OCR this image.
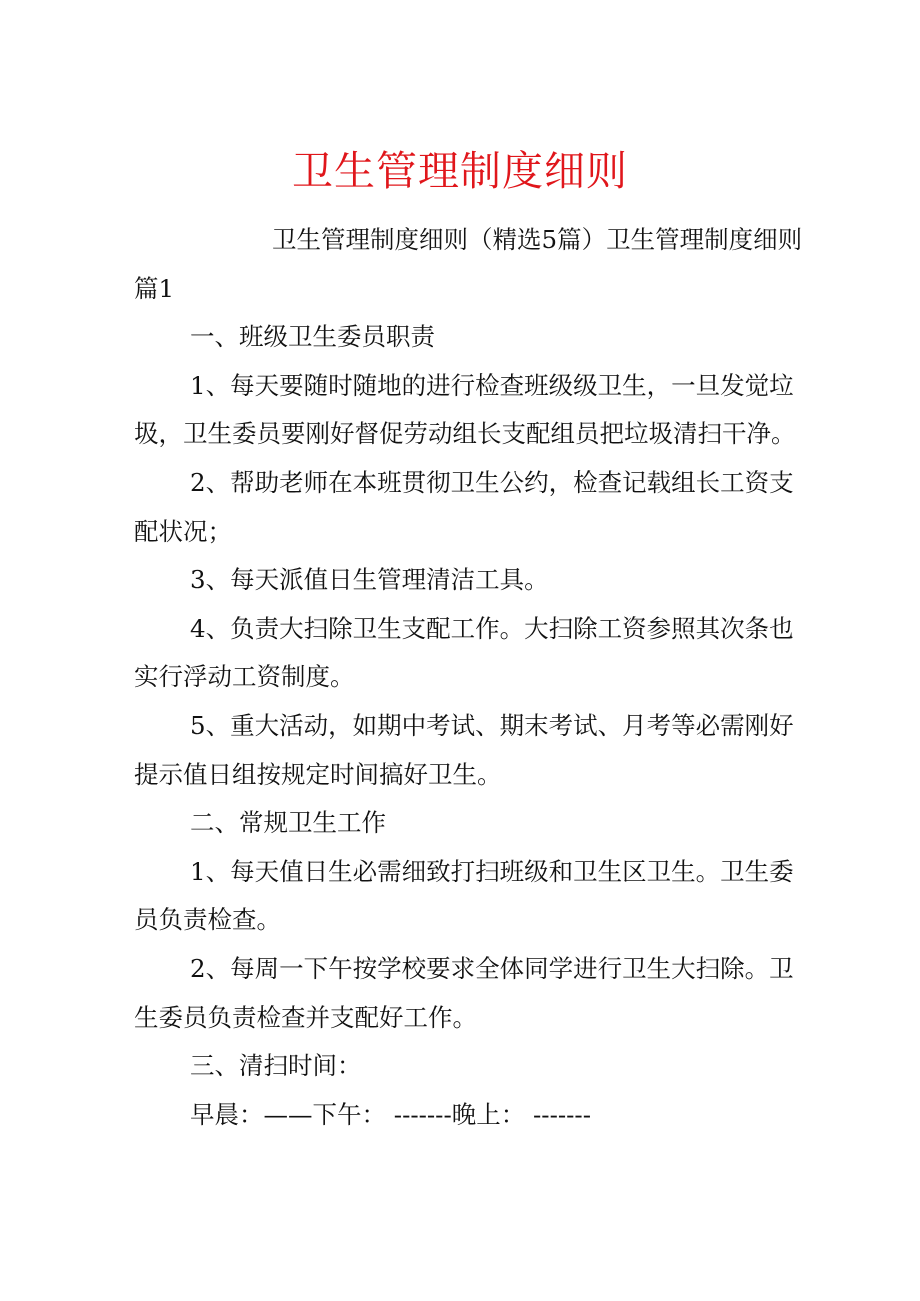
卫生管理制度细则

卫生管理制度细则（精选5篇）卫生管理制度细则篇1

一、班级卫生委员职责

1、每天要随时随地的进行检查班级级卫生，一旦发觉垃圾，卫生委员要刚好督促劳动组长支配组员把垃圾清扫干净。

2、帮助老师在本班贯彻卫生公约，检查记载组长工资支配状况；

3、每天派值日生管理清洁工具。

4、负责大扫除卫生支配工作。大扫除工资参照其次条也实行浮动工资制度。

5、重大活动，如期中考试、期末考试、月考等必需刚好提示值日组按规定时间搞好卫生。

二、常规卫生工作

1、每天值日生必需细致打扫班级和卫生区卫生。卫生委员负责检查。

2、每周一下午按学校要求全体同学进行卫生大扫除。卫生委员负责检查并支配好工作。

三、清扫时间：

早晨：——下午： -------晚上： -------
